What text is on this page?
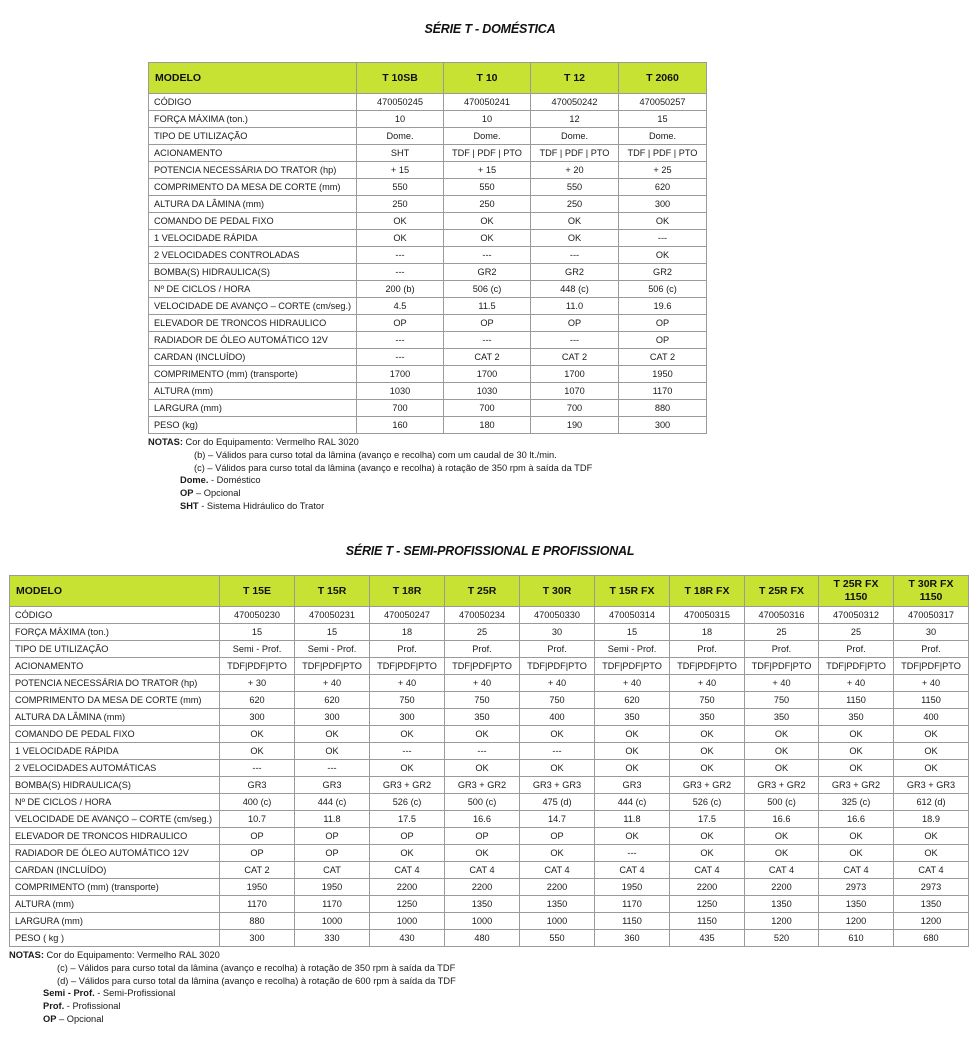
SÉRIE T - DOMÉSTICA
MODELO	T 10SB	T 10	T 12	T 2060
CÓDIGO	470050245	470050241	470050242	470050257
FORÇA MÁXIMA (ton.)	10	10	12	15
TIPO DE UTILIZAÇÃO	Dome.	Dome.	Dome.	Dome.
ACIONAMENTO	SHT	TDF | PDF | PTO	TDF | PDF | PTO	TDF | PDF | PTO
POTENCIA NECESSÁRIA DO TRATOR (hp)	+ 15	+ 15	+ 20	+ 25
COMPRIMENTO DA MESA DE CORTE (mm)	550	550	550	620
ALTURA DA LÂMINA (mm)	250	250	250	300
COMANDO DE PEDAL FIXO	OK	OK	OK	OK
1 VELOCIDADE RÁPIDA	OK	OK	OK	---
2 VELOCIDADES CONTROLADAS	---	---	---	OK
BOMBA(S) HIDRAULICA(S)	---	GR2	GR2	GR2
Nº DE CICLOS / HORA	200 (b)	506 (c)	448 (c)	506 (c)
VELOCIDADE DE AVANÇO – CORTE (cm/seg.)	4.5	11.5	11.0	19.6
ELEVADOR DE TRONCOS HIDRAULICO	OP	OP	OP	OP
RADIADOR DE ÓLEO AUTOMÁTICO 12V	---	---	---	OP
CARDAN (INCLUÍDO)	---	CAT 2	CAT 2	CAT 2
COMPRIMENTO (mm) (transporte)	1700	1700	1700	1950
ALTURA (mm)	1030	1030	1070	1170
LARGURA (mm)	700	700	700	880
PESO (kg)	160	180	190	300
NOTAS: Cor do Equipamento: Vermelho RAL 3020
(b) – Válidos para curso total da lâmina (avanço e recolha) com um caudal de 30 lt./min.
(c) – Válidos para curso total da lâmina (avanço e recolha) à rotação de 350 rpm à saída da TDF
Dome. - Doméstico
OP – Opcional
SHT - Sistema Hidráulico do Trator
SÉRIE T - SEMI-PROFISSIONAL E PROFISSIONAL
MODELO	T 15E	T 15R	T 18R	T 25R	T 30R	T 15R FX	T 18R FX	T 25R FX	T 25R FX 1150	T 30R FX 1150
CÓDIGO	470050230	470050231	470050247	470050234	470050330	470050314	470050315	470050316	470050312	470050317
FORÇA MÁXIMA (ton.)	15	15	18	25	30	15	18	25	25	30
TIPO DE UTILIZAÇÃO	Semi - Prof.	Semi - Prof.	Prof.	Prof.	Prof.	Semi - Prof.	Prof.	Prof.	Prof.	Prof.
ACIONAMENTO	TDF|PDF|PTO	TDF|PDF|PTO	TDF|PDF|PTO	TDF|PDF|PTO	TDF|PDF|PTO	TDF|PDF|PTO	TDF|PDF|PTO	TDF|PDF|PTO	TDF|PDF|PTO	TDF|PDF|PTO
POTENCIA NECESSÁRIA DO TRATOR (hp)	+ 30	+ 40	+ 40	+ 40	+ 40	+ 40	+ 40	+ 40	+ 40	+ 40
COMPRIMENTO DA MESA DE CORTE (mm)	620	620	750	750	750	620	750	750	1150	1150
ALTURA DA LÂMINA (mm)	300	300	300	350	400	350	350	350	350	400
COMANDO DE PEDAL FIXO	OK	OK	OK	OK	OK	OK	OK	OK	OK	OK
1 VELOCIDADE RÁPIDA	OK	OK	---	---	---	OK	OK	OK	OK	OK
2 VELOCIDADES AUTOMÁTICAS	---	---	OK	OK	OK	OK	OK	OK	OK	OK
BOMBA(S) HIDRAULICA(S)	GR3	GR3	GR3 + GR2	GR3 + GR2	GR3 + GR3	GR3	GR3 + GR2	GR3 + GR2	GR3 + GR2	GR3 + GR3
Nº DE CICLOS / HORA	400 (c)	444 (c)	526 (c)	500 (c)	475 (d)	444 (c)	526 (c)	500 (c)	325 (c)	612 (d)
VELOCIDADE DE AVANÇO – CORTE (cm/seg.)	10.7	11.8	17.5	16.6	14.7	11.8	17.5	16.6	16.6	18.9
ELEVADOR DE TRONCOS HIDRAULICO	OP	OP	OP	OP	OP	OK	OK	OK	OK	OK
RADIADOR DE ÓLEO AUTOMÁTICO 12V	OP	OP	OK	OK	OK	---	OK	OK	OK	OK
CARDAN (INCLUÍDO)	CAT 2	CAT	CAT 4	CAT 4	CAT 4	CAT 4	CAT 4	CAT 4	CAT 4	CAT 4
COMPRIMENTO (mm) (transporte)	1950	1950	2200	2200	2200	1950	2200	2200	2973	2973
ALTURA (mm)	1170	1170	1250	1350	1350	1170	1250	1350	1350	1350
LARGURA (mm)	880	1000	1000	1000	1000	1150	1150	1200	1200	1200
PESO ( kg )	300	330	430	480	550	360	435	520	610	680
NOTAS: Cor do Equipamento: Vermelho RAL 3020
(c) – Válidos para curso total da lâmina (avanço e recolha) à rotação de 350 rpm à saída da TDF
(d) – Válidos para curso total da lâmina (avanço e recolha) à rotação de 600 rpm à saída da TDF
Semi - Prof. - Semi-Profissional
Prof. - Profissional
OP – Opcional
